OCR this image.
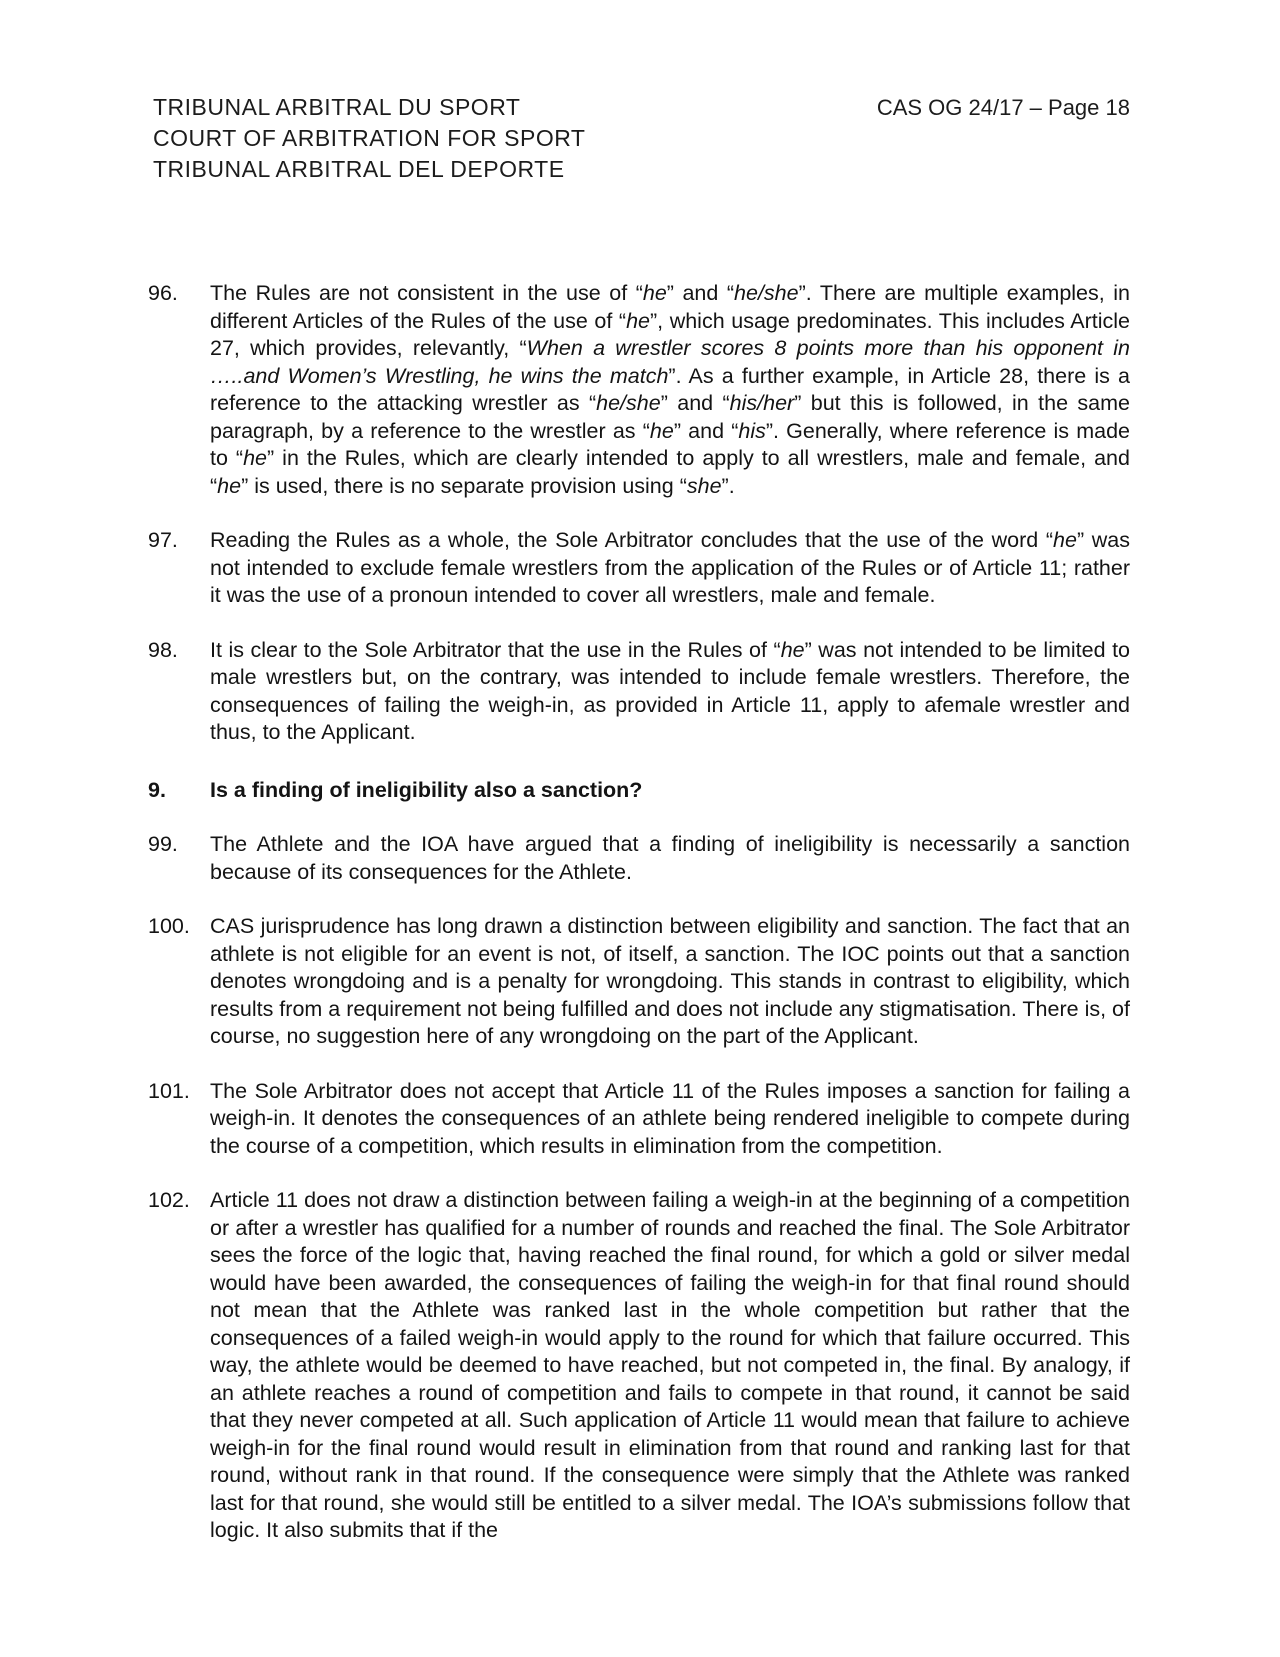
TRIBUNAL ARBITRAL DU SPORT
COURT OF ARBITRATION FOR SPORT
TRIBUNAL ARBITRAL DEL DEPORTE
CAS OG 24/17 – Page 18
96.	The Rules are not consistent in the use of “he” and “he/she”. There are multiple examples, in different Articles of the Rules of the use of “he”, which usage predominates. This includes Article 27, which provides, relevantly, “When a wrestler scores 8 points more than his opponent in …..and Women’s Wrestling, he wins the match”. As a further example, in Article 28, there is a reference to the attacking wrestler as “he/she” and “his/her” but this is followed, in the same paragraph, by a reference to the wrestler as “he” and “his”. Generally, where reference is made to “he” in the Rules, which are clearly intended to apply to all wrestlers, male and female, and “he” is used, there is no separate provision using “she”.
97.	Reading the Rules as a whole, the Sole Arbitrator concludes that the use of the word “he” was not intended to exclude female wrestlers from the application of the Rules or of Article 11; rather it was the use of a pronoun intended to cover all wrestlers, male and female.
98.	It is clear to the Sole Arbitrator that the use in the Rules of “he” was not intended to be limited to male wrestlers but, on the contrary, was intended to include female wrestlers. Therefore, the consequences of failing the weigh-in, as provided in Article 11, apply to afemale wrestler and thus, to the Applicant.
9.	Is a finding of ineligibility also a sanction?
99.	The Athlete and the IOA have argued that a finding of ineligibility is necessarily a sanction because of its consequences for the Athlete.
100. CAS jurisprudence has long drawn a distinction between eligibility and sanction. The fact that an athlete is not eligible for an event is not, of itself, a sanction. The IOC points out that a sanction denotes wrongdoing and is a penalty for wrongdoing. This stands in contrast to eligibility, which results from a requirement not being fulfilled and does not include any stigmatisation. There is, of course, no suggestion here of any wrongdoing on the part of the Applicant.
101. The Sole Arbitrator does not accept that Article 11 of the Rules imposes a sanction for failing a weigh-in. It denotes the consequences of an athlete being rendered ineligible to compete during the course of a competition, which results in elimination from the competition.
102. Article 11 does not draw a distinction between failing a weigh-in at the beginning of a competition or after a wrestler has qualified for a number of rounds and reached the final. The Sole Arbitrator sees the force of the logic that, having reached the final round, for which a gold or silver medal would have been awarded, the consequences of failing the weigh-in for that final round should not mean that the Athlete was ranked last in the whole competition but rather that the consequences of a failed weigh-in would apply to the round for which that failure occurred. This way, the athlete would be deemed to have reached, but not competed in, the final. By analogy, if an athlete reaches a round of competition and fails to compete in that round, it cannot be said that they never competed at all. Such application of Article 11 would mean that failure to achieve weigh-in for the final round would result in elimination from that round and ranking last for that round, without rank in that round. If the consequence were simply that the Athlete was ranked last for that round, she would still be entitled to a silver medal. The IOA’s submissions follow that logic. It also submits that if the
